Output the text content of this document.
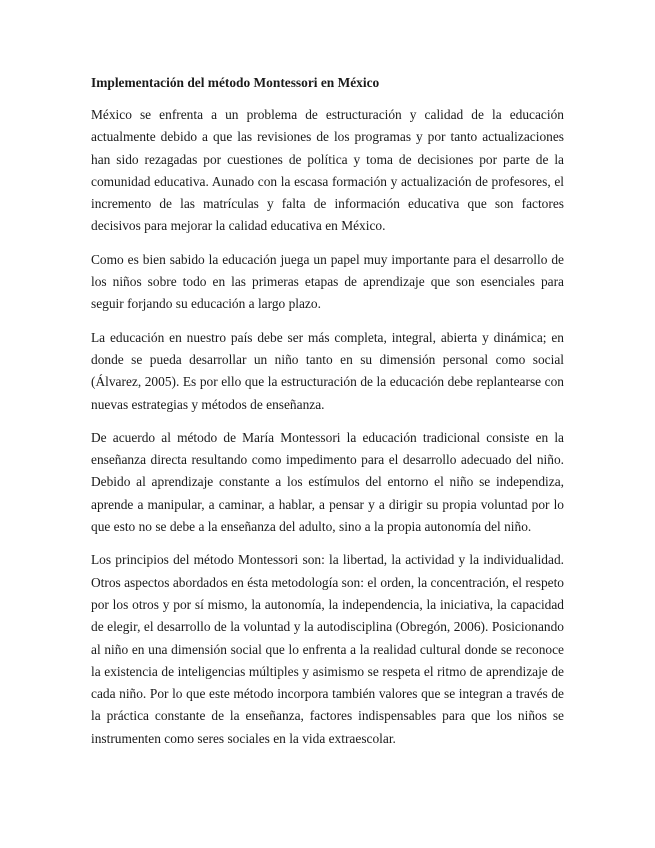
Implementación del método Montessori en México

México se enfrenta a un problema de estructuración y calidad de la educación actualmente debido a que las revisiones de los programas y por tanto actualizaciones han sido rezagadas por cuestiones de política y toma de decisiones por parte de la comunidad educativa. Aunado con la escasa formación y actualización de profesores, el incremento de las matrículas y falta de información educativa que son factores decisivos para mejorar la calidad educativa en México.

Como es bien sabido la educación juega un papel muy importante para el desarrollo de los niños sobre todo en las primeras etapas de aprendizaje que son esenciales para seguir forjando su educación a largo plazo.

La educación en nuestro país debe ser más completa, integral, abierta y dinámica; en donde se pueda desarrollar un niño tanto en su dimensión personal como social (Álvarez, 2005). Es por ello que la estructuración de la educación debe replantearse con nuevas estrategias y métodos de enseñanza.

De acuerdo al método de María Montessori la educación tradicional consiste en la enseñanza directa resultando como impedimento para el desarrollo adecuado del niño. Debido al aprendizaje constante a los estímulos del entorno el niño se independiza, aprende a manipular, a caminar, a hablar, a pensar y a dirigir su propia voluntad por lo que esto no se debe a la enseñanza del adulto, sino a la propia autonomía del niño.

Los principios del método Montessori son: la libertad, la actividad y la individualidad. Otros aspectos abordados en ésta metodología son: el orden, la concentración, el respeto por los otros y por sí mismo, la autonomía, la independencia, la iniciativa, la capacidad de elegir, el desarrollo de la voluntad y la autodisciplina (Obregón, 2006). Posicionando al niño en una dimensión social que lo enfrenta a la realidad cultural donde se reconoce la existencia de inteligencias múltiples y asimismo se respeta el ritmo de aprendizaje de cada niño. Por lo que este método incorpora también valores que se integran a través de la práctica constante de la enseñanza, factores indispensables para que los niños se instrumenten como seres sociales en la vida extraescolar.
